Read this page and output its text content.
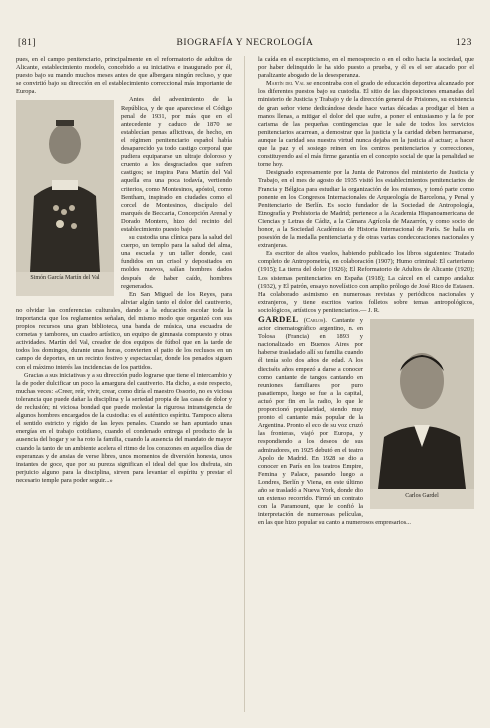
[81]	BIOGRAFÍA Y NECROLOGÍA	123

pues, en el campo penitenciario, principalmente en el reformatorio de adultos de Alicante, establecimiento modelo, concebido a su iniciativa e inaugurado por él, puesto bajo su mando muchos meses antes de que albergara ningún recluso, y que se convirtió bajo su dirección en el establecimiento correccional más importante de Europa.

Simón García Martín del Val

Antes del advenimiento de la República, y de que apareciese el Código penal de 1931, por más que en el antecedente y caduco de 1870 se establecían penas aflictivas, de hecho, en el régimen penitenciario español había desaparecido ya todo castigo corporal que pudiera equipararse un ultraje doloroso y cruento a los desgraciados que sufren castigos; se inspira Para Martín del Val aquella era una poca todavía, vertiendo criterios, como Montesinos, apóstol, como Bentham, inspirado en ciudades como el corcel de Montesinos, discípulo del marqués de Beccaria, Concepción Arenal y Dorado Montero, hizo del recinto del establecimiento puesto bajo

su custodia una clínica para la salud del cuerpo, un templo para la salud del alma, una escuela y un taller donde, casi fundidos en un crisol y depositados en moldes nuevos, salían hombres dados después de haber caído, hombres regenerados.

En San Miguel de los Reyes, para aliviar algún tanto el dolor del cautiverio, no olvidar las conferencias culturales, dando a la educación escolar toda la importancia que los reglamentos señalan, del mismo modo que organizó con sus propios recursos una gran biblioteca, una banda de música, una escuadra de cornetas y tambores, un cuadro artístico, un equipo de gimnasia compuesto y otras actividades. Martín del Val, creador de dos equipos de fútbol que en la tarde de todos los domingos, durante unas horas, convierten el patio de los reclusos en un campo de deportes, en un recinto festivo y espectacular, donde los penados siguen con el máximo interés las incidencias de los partidos.

Gracias a sus iniciativas y a su dirección pudo lograrse que tiene el intercambio y la de poder dulcificar un poco la amargura del cautiverio. Ha dicho, a este respecto, muchas veces: «Creer, reír, vivir, crear, como diría el maestro Ossorio, no es viciosa tolerancia que puede dañar la disciplina y la seriedad propia de las casas de dolor y de reclusión; ni viciosa bondad que puede molestar la rigurosa intransigencia de algunos hombres encargados de la custodia: es el auténtico espíritu. Tampoco altera el sentido estricto y rígido de las leyes penales. Cuando se han apuntado unas energías en el trabajo cotidiano, cuando el condenado entrega el producto de la ausencia del hogar y se ha roto la familia, cuando la ausencia del mandato de mayor cuando la tanto de un ambiente acelera el ritmo de los corazones en aquellos días de esperanzas y de ansias de verse libres, unos momentos de diversión honesta, unos instantes de goce, que por su pureza significan el ideal del que los disfruta, sin perjuicio alguno para la disciplina, sirven para levantar el espíritu y prestar el necesario temple para poder seguir...»

la caída en el escepticismo, en el menosprecio o en el odio hacia la sociedad, que por haber delinquido le ha sido puesto a prueba, y él es el ser atacado por el paralizante abogado de la desesperanza.

Martín del Val se encontraba con el grado de educación deportiva alcanzado por los diferentes puestos bajo su custodia. El sitio de las disposiciones emanadas del ministerio de Justicia y Trabajo y de la dirección general de Prisiones, su existencia de gran señor viene dedicándose desde hace varias décadas a prodigar el bien a manos llenas, a mitigar el dolor del que sufre, a poner el entusiasmo y la fe por carisma de las pequeñas contingencias que le sale de todos los servicios penitenciarios acarrean, a demostrar que la justicia y la caridad deben hermanarse, aunque la caridad sea nuestra virtud nunca dejaba en la justicia al actuar; a hacer que la paz y el sosiego reinen en los centros penitenciarios y correcciones, constituyendo así el más firme garantía en el concepto social de que la penalidad se torne hoy.

Designado expresamente por la Junta de Patronos del ministerio de Justicia y Trabajo, en el mes de agosto de 1935 visitó los establecimientos penitenciarios de Francia y Bélgica para estudiar la organización de los mismos, y tomó parte como ponente en los Congresos Internacionales de Arqueología de Barcelona, y Penal y Penitenciario de Berlín. Es socio fundador de la Sociedad de Antropología, Etnografía y Prehistoria de Madrid; pertenece a la Academia Hispanoamericana de Ciencias y Letras de Cádiz, a la Cámara Agrícola de Mazarrón, y como socio de honor, a la Sociedad Académica de Historia Internacional de París. Se halla en posesión de la medalla penitenciaria y de otras varias condecoraciones nacionales y extranjeras.

Es escritor de altos vuelos, habiendo publicado los libros siguientes: Tratado completo de Antropometría, en colaboración (1907); Humo criminal: El carterismo (1915); La tierra del dolor (1926); El Reformatorio de Adultos de Alicante (1920); Los sistemas penitenciarios en España (1918); La cárcel en el campo andaluz (1932), y El patrón, ensayo novelístico con amplio prólogo de José Rico de Estasen. Ha colaborado asimismo en numerosas revistas y periódicos nacionales y extranjeros, y tiene escritos varios folletos sobre temas antropológicos, sociológicos, artísticos y penitenciarios.— J. R.

Carlos Gardel

GARDEL (Carlos). Cantante y actor cinematográfico argentino, n. en Tolosa (Francia) en 1893 y nacionalizado en Buenos Aires por haberse trasladado allí su familia cuando él tenía solo dos años de edad. A los dieciséis años empezó a darse a conocer como cantante de tangos cantando en reuniones familiares por puro pasatiempo, luego se fue a la capital, actuó por fin en la radio, lo que le proporcionó popularidad, siendo muy pronto el cantante más popular de la Argentina. Pronto el eco de su voz cruzó las fronteras, viajó por Europa, y respondiendo a los deseos de sus admiradores, en 1925 debutó en el teatro Apolo de Madrid. En 1928 se dio a conocer en París en los teatros Empire, Femina y Palace, pasando luego a Londres, Berlín y Viena, en este último año se trasladó a Nueva York, donde dio un extenso recorrido. Firmó un contrato con la Paramount, que le confió la interpretación de numerosas películas, en las que hizo popular su canto a numerosos empresarios...
